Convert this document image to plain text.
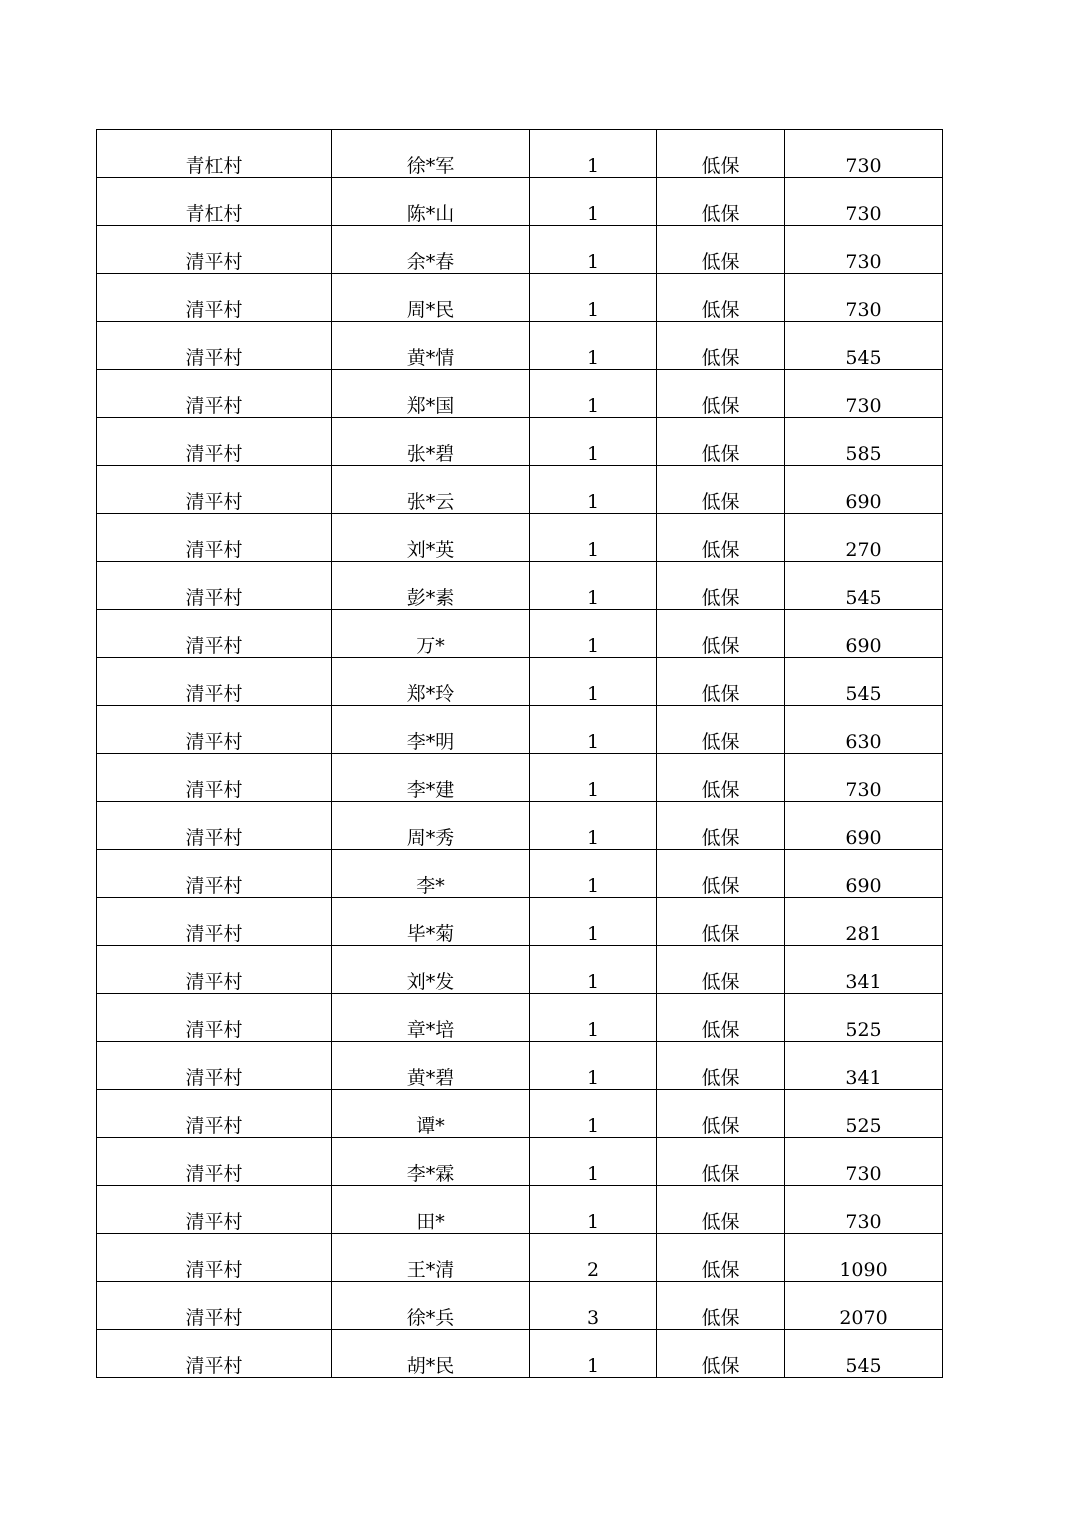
青杠村	徐*军	1	低保	730
青杠村	陈*山	1	低保	730
清平村	余*春	1	低保	730
清平村	周*民	1	低保	730
清平村	黄*情	1	低保	545
清平村	郑*国	1	低保	730
清平村	张*碧	1	低保	585
清平村	张*云	1	低保	690
清平村	刘*英	1	低保	270
清平村	彭*素	1	低保	545
清平村	万*	1	低保	690
清平村	郑*玲	1	低保	545
清平村	李*明	1	低保	630
清平村	李*建	1	低保	730
清平村	周*秀	1	低保	690
清平村	李*	1	低保	690
清平村	毕*菊	1	低保	281
清平村	刘*发	1	低保	341
清平村	章*培	1	低保	525
清平村	黄*碧	1	低保	341
清平村	谭*	1	低保	525
清平村	李*霖	1	低保	730
清平村	田*	1	低保	730
清平村	王*清	2	低保	1090
清平村	徐*兵	3	低保	2070
清平村	胡*民	1	低保	545
